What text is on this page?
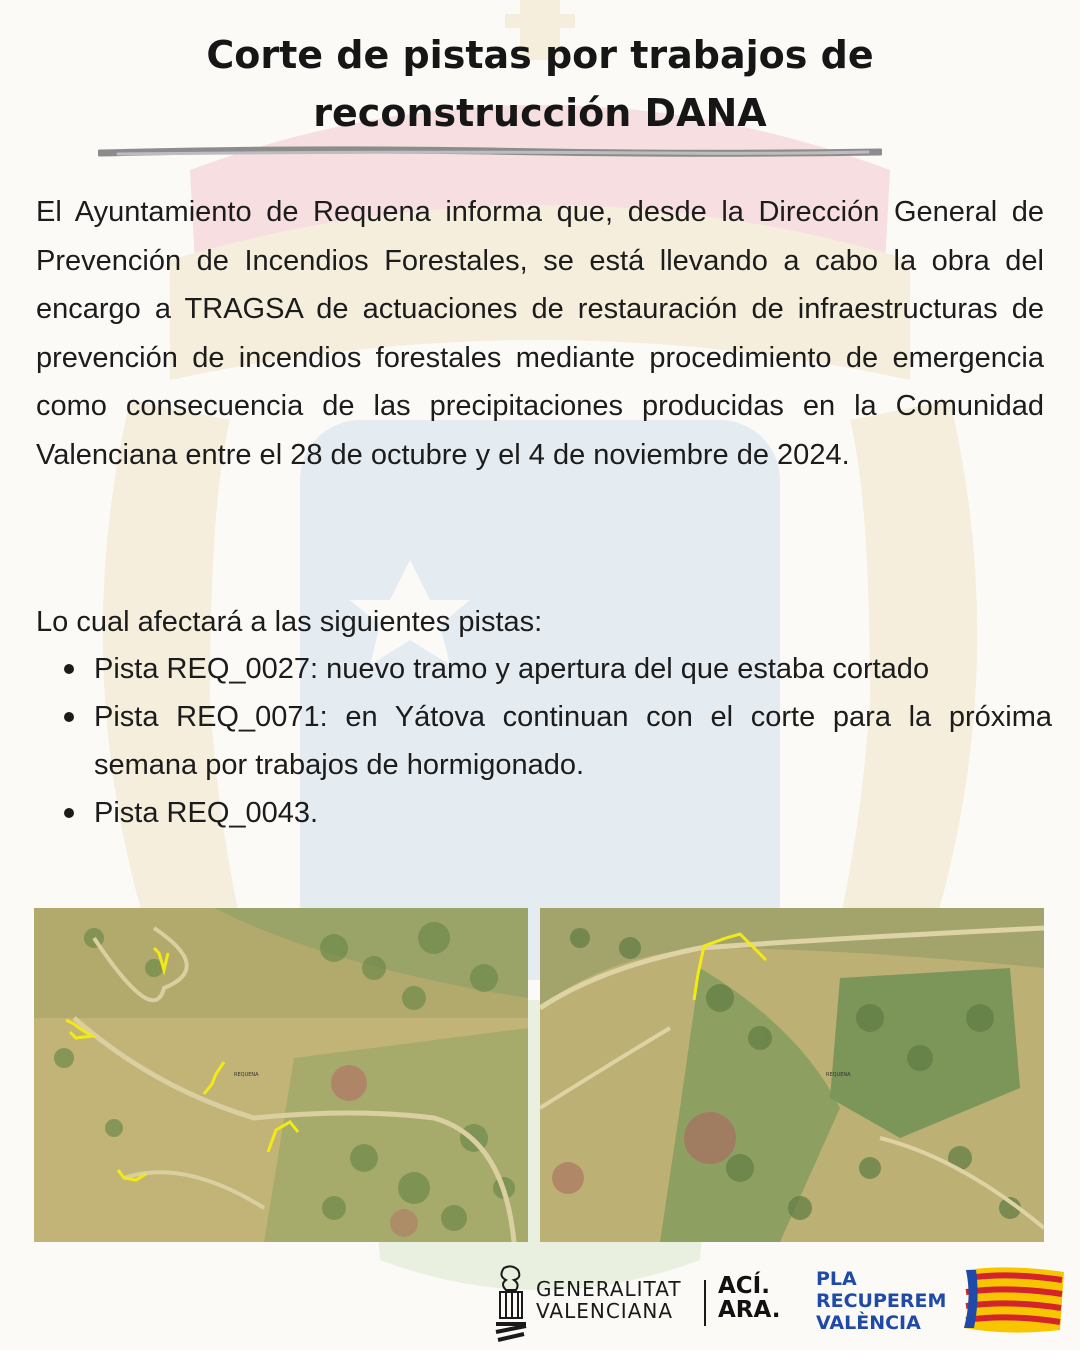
Corte de pistas por trabajos de
reconstrucción DANA

El Ayuntamiento de Requena informa que, desde la Dirección General de Prevención de Incendios Forestales, se está llevando a cabo la obra del encargo a TRAGSA de actuaciones de restauración de infraestructuras de prevención de incendios forestales mediante procedimiento de emergencia como consecuencia de las precipitaciones producidas en la Comunidad Valenciana entre el 28 de octubre y el 4 de noviembre de 2024.

Lo cual afectará a las siguientes pistas:

Pista REQ_0027: nuevo tramo y apertura del que estaba cortado
Pista REQ_0071: en Yátova continuan con el corte para la próxima semana por trabajos de hormigonado.
Pista REQ_0043.
REQUENA	REQUENA
GENERALITAT
VALENCIANA
ACÍ.
ARA.
PLA
RECUPEREM
VALÈNCIA
